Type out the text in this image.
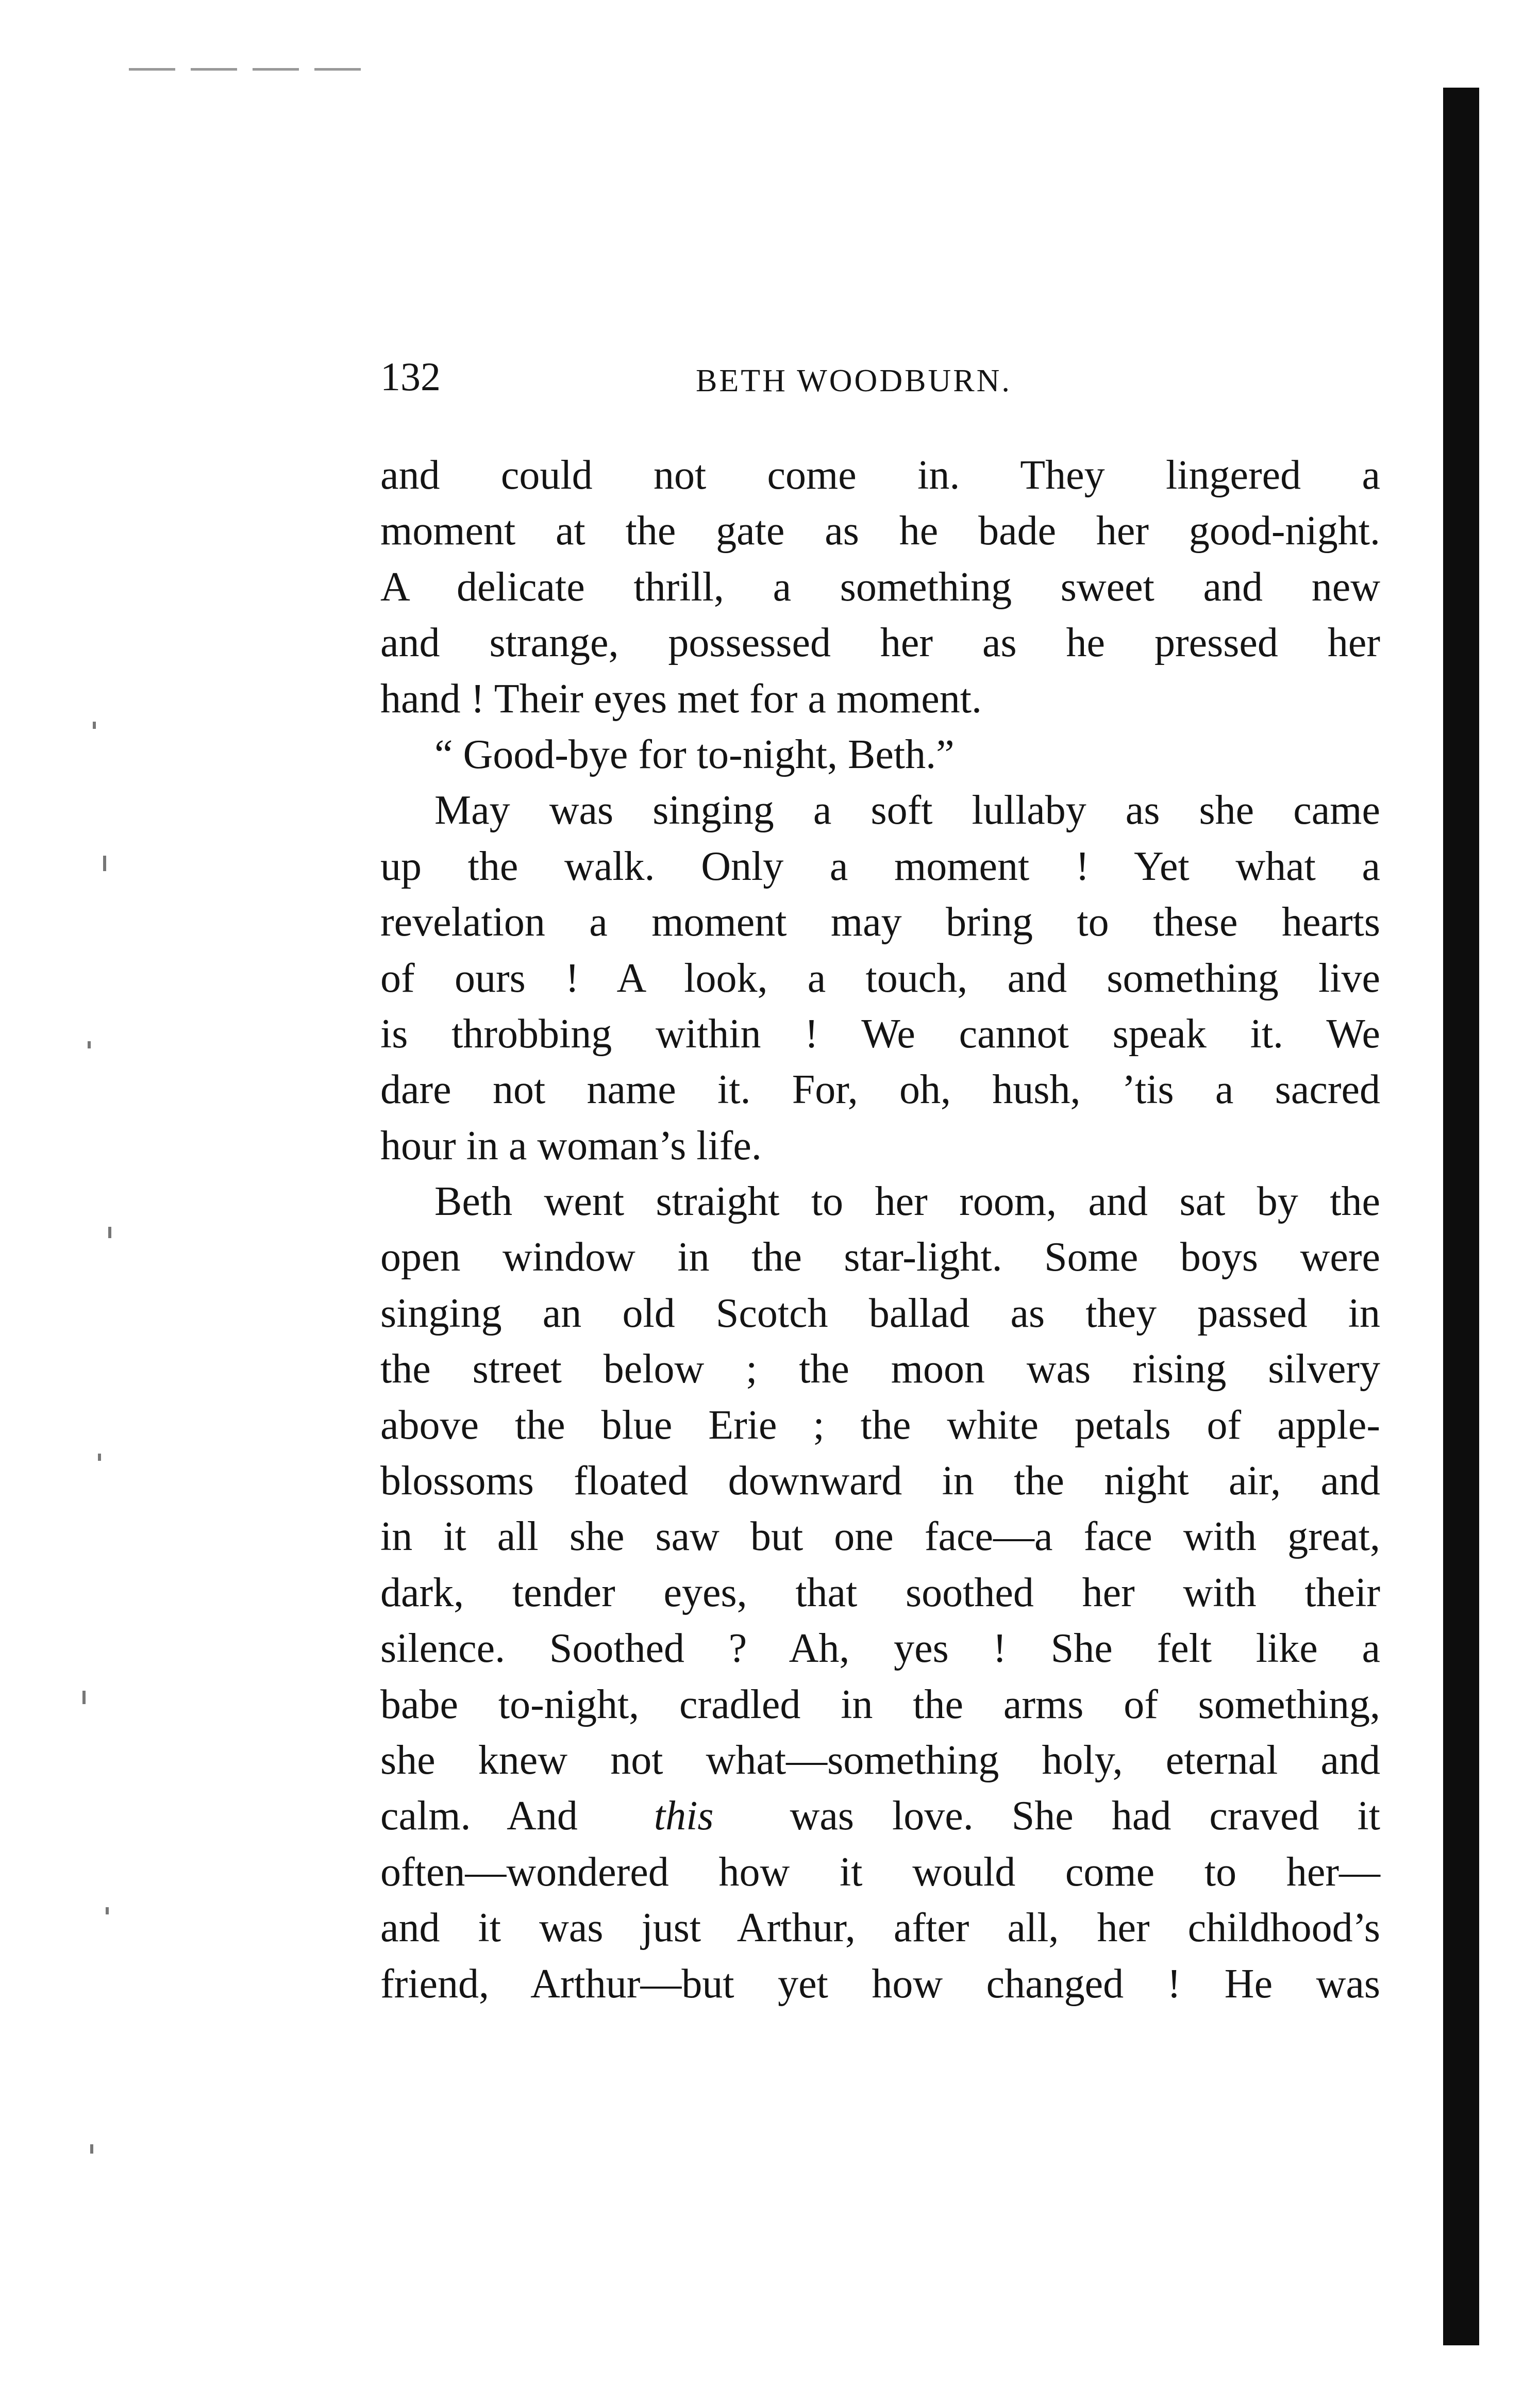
132	BETH WOODBURN.
and could not come in. They lingered a
moment at the gate as he bade her good-night.
A delicate thrill, a something sweet and new
and strange, possessed her as he pressed her
hand ! Their eyes met for a moment.
“ Good-bye for to-night, Beth.”
May was singing a soft lullaby as she came
up the walk. Only a moment ! Yet what a
revelation a moment may bring to these hearts
of ours ! A look, a touch, and something live
is throbbing within ! We cannot speak it. We
dare not name it. For, oh, hush, ’tis a sacred
hour in a woman’s life.
Beth went straight to her room, and sat by the
open window in the star-light. Some boys were
singing an old Scotch ballad as they passed in
the street below ; the moon was rising silvery
above the blue Erie ; the white petals of apple-
blossoms floated downward in the night air, and
in it all she saw but one face—a face with great,
dark, tender eyes, that soothed her with their
silence. Soothed ? Ah, yes ! She felt like a
babe to-night, cradled in the arms of something,
she knew not what—something holy, eternal and
calm. And this was love. She had craved it
often—wondered how it would come to her—
and it was just Arthur, after all, her childhood’s
friend, Arthur—but yet how changed ! He was
